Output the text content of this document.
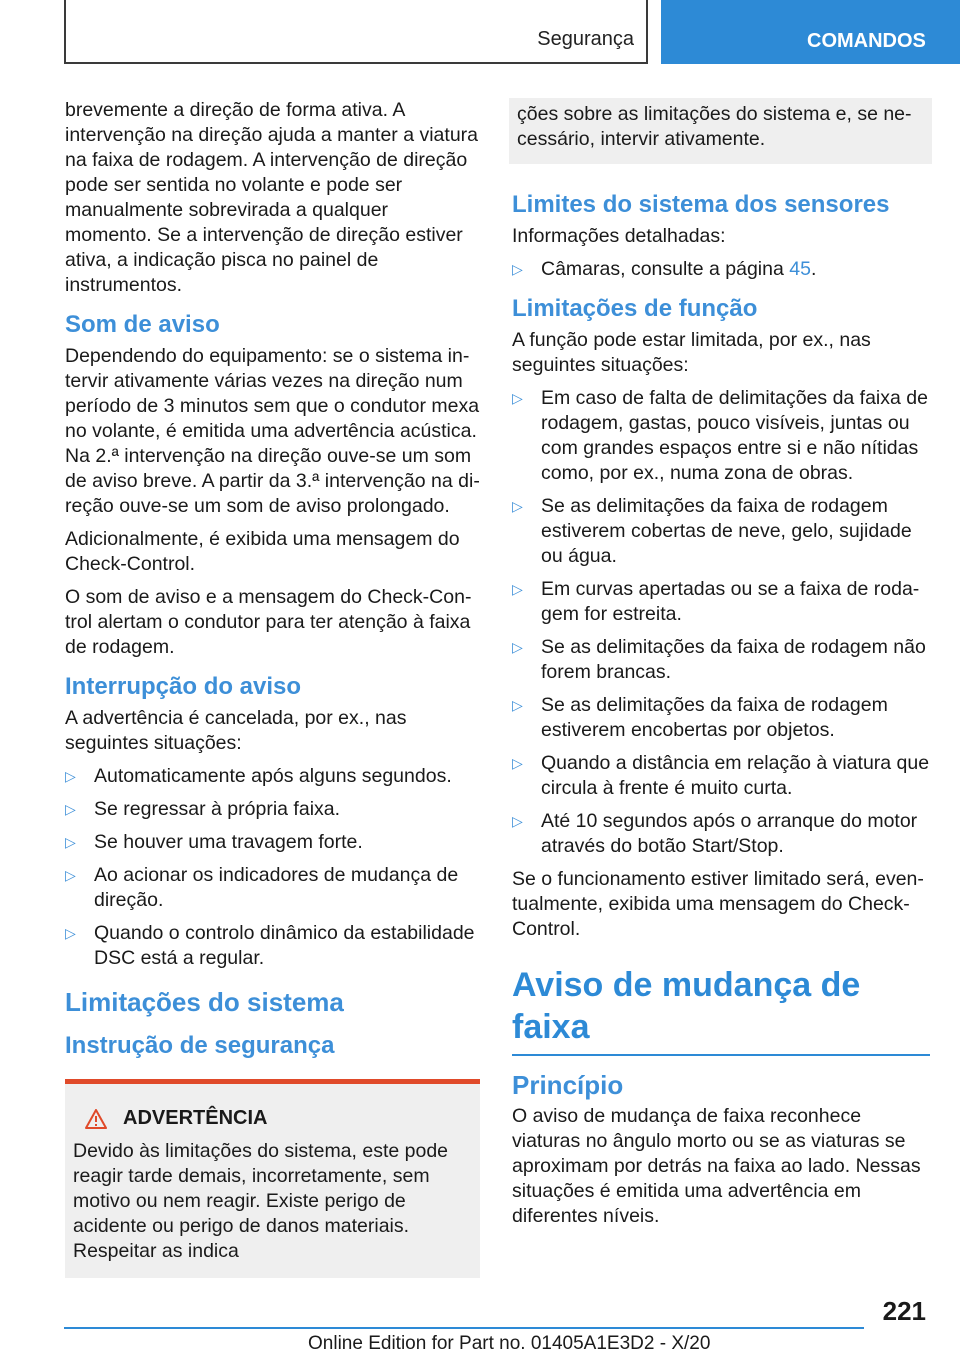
Segurança	COMANDOS

brevemente a direção de forma ativa. A intervenção na direção ajuda a manter a viatura na faixa de rodagem. A intervenção de direção pode ser sentida no volante e pode ser manualmente sobrevirada a qualquer momento. Se a intervenção de direção estiver ativa, a indicação pisca no painel de instrumentos.

Som de aviso

Dependendo do equipamento: se o sistema intervir ativamente várias vezes na direção num período de 3 minutos sem que o condutor mexa no volante, é emitida uma advertência acústica. Na 2.ª intervenção na direção ouve-se um som de aviso breve. A partir da 3.ª intervenção na direção ouve-se um som de aviso prolongado.

Adicionalmente, é exibida uma mensagem do Check-Control.

O som de aviso e a mensagem do Check-Control alertam o condutor para ter atenção à faixa de rodagem.

Interrupção do aviso

A advertência é cancelada, por ex., nas seguintes situações:

▷ Automaticamente após alguns segundos.
▷ Se regressar à própria faixa.
▷ Se houver uma travagem forte.
▷ Ao acionar os indicadores de mudança de direção.
▷ Quando o controlo dinâmico da estabilidade DSC está a regular.
Limitações do sistema
Instrução de segurança
ADVERTÊNCIA

Devido às limitações do sistema, este pode reagir tarde demais, incorretamente, sem motivo ou nem reagir. Existe perigo de acidente ou perigo de danos materiais. Respeitar as indica

ções sobre as limitações do sistema e, se necessário, intervir ativamente.

Limites do sistema dos sensores

Informações detalhadas:

▷ Câmaras, consulte a página 45.
Limitações de função

A função pode estar limitada, por ex., nas seguintes situações:

▷ Em caso de falta de delimitações da faixa de rodagem, gastas, pouco visíveis, juntas ou com grandes espaços entre si e não nítidas como, por ex., numa zona de obras.
▷ Se as delimitações da faixa de rodagem estiverem cobertas de neve, gelo, sujidade ou água.
▷ Em curvas apertadas ou se a faixa de rodagem for estreita.
▷ Se as delimitações da faixa de rodagem não forem brancas.
▷ Se as delimitações da faixa de rodagem estiverem encobertas por objetos.
▷ Quando a distância em relação à viatura que circula à frente é muito curta.
▷ Até 10 segundos após o arranque do motor através do botão Start/Stop.

Se o funcionamento estiver limitado será, eventualmente, exibida uma mensagem do Check-Control.

Aviso de mudança de faixa
Princípio

O aviso de mudança de faixa reconhece viaturas no ângulo morto ou se as viaturas se aproximam por detrás na faixa ao lado. Nessas situações é emitida uma advertência em diferentes níveis.

221
Online Edition for Part no. 01405A1E3D2 - X/20
